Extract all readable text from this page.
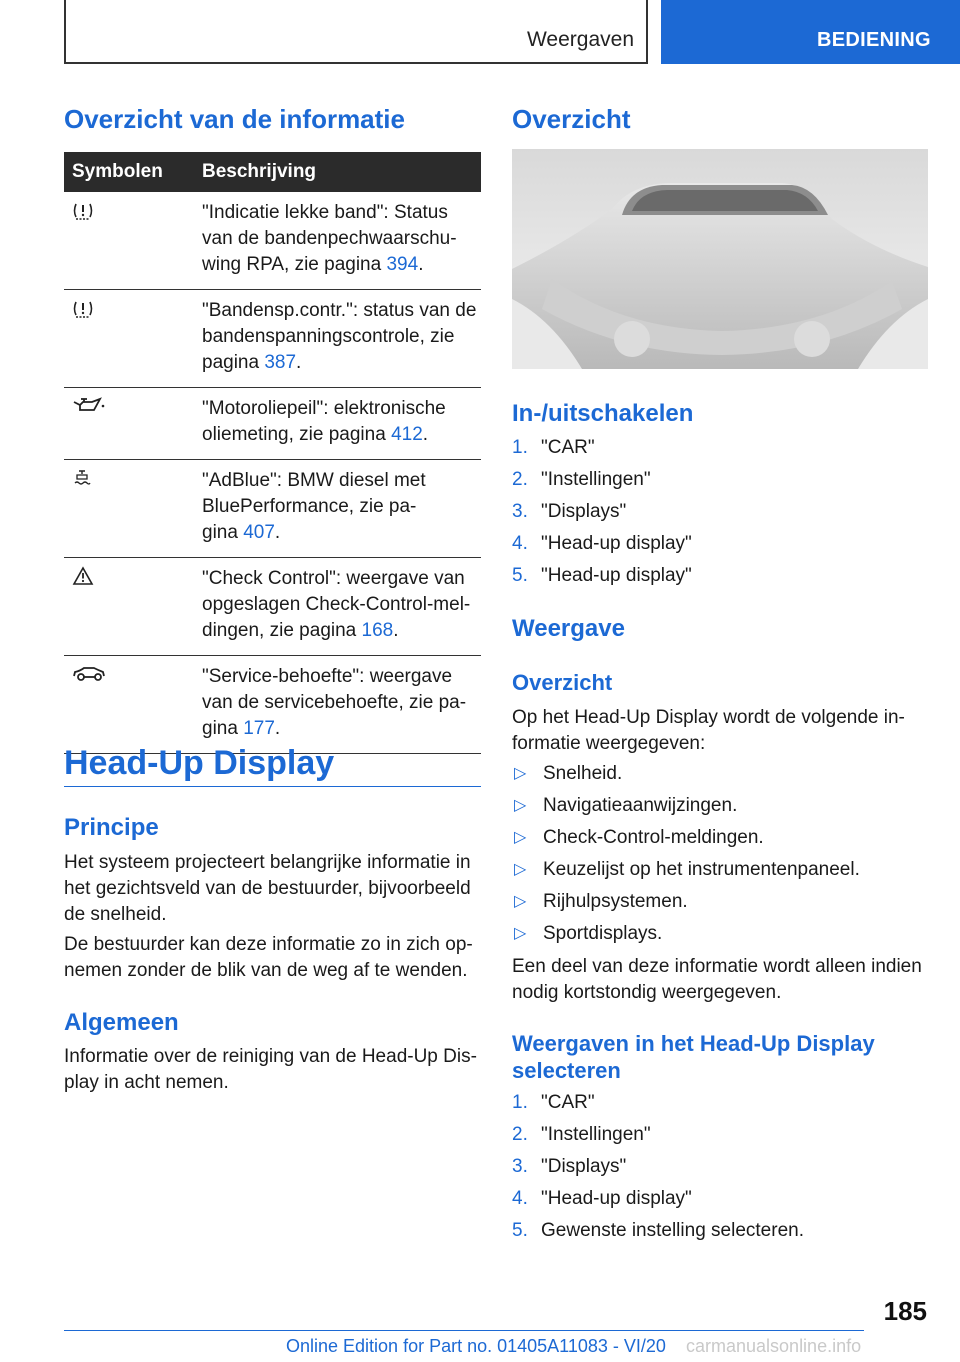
Weergaven	BEDIENING
Overzicht van de informatie
Symbolen	Beschrijving

"Indicatie lekke band": Status
van de bandenpechwaarschu-
wing RPA, zie pagina 394.

"Bandensp.contr.": status van de
bandenspanningscontrole, zie
pagina 387.

"Motoroliepeil": elektronische
oliemeting, zie pagina 412.

"AdBlue": BMW diesel met
BluePerformance, zie pa-
gina 407.

"Check Control": weergave van
opgeslagen Check-Control-mel-
dingen, zie pagina 168.

"Service-behoefte": weergave
van de servicebehoefte, zie pa-
gina 177.
Head-Up Display
Principe

Het systeem projecteert belangrijke informatie in het gezichtsveld van de bestuurder, bijvoorbeeld de snelheid.

De bestuurder kan deze informatie zo in zich op-nemen zonder de blik van de weg af te wenden.

Algemeen

Informatie over de reiniging van de Head-Up Dis-play in acht nemen.

Overzicht
In-/uitschakelen
1. "CAR"
2. "Instellingen"
3. "Displays"
4. "Head-up display"
5. "Head-up display"
Weergave
Overzicht

Op het Head-Up Display wordt de volgende in-formatie weergegeven:

▷ Snelheid.
▷ Navigatieaanwijzingen.
▷ Check-Control-meldingen.
▷ Keuzelijst op het instrumentenpaneel.
▷ Rijhulpsystemen.
▷ Sportdisplays.

Een deel van deze informatie wordt alleen indien nodig kortstondig weergegeven.

Weergaven in het Head-Up Display selecteren
1. "CAR"
2. "Instellingen"
3. "Displays"
4. "Head-up display"
5. Gewenste instelling selecteren.
185
Online Edition for Part no. 01405A11083 - VI/20 carmanualsonline.info
